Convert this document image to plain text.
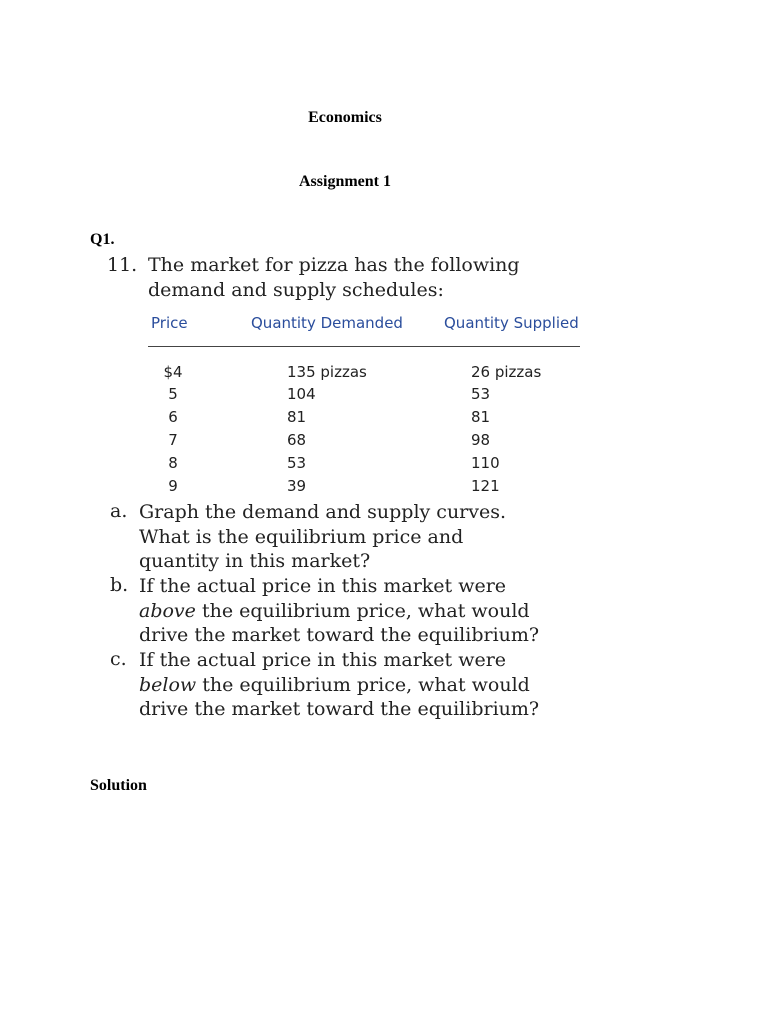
Economics
Assignment 1
Q1.
11. The market for pizza has the following demand and supply schedules:
Price	Quantity Demanded	Quantity Supplied
$4	135 pizzas	26 pizzas
5	104	53
6	81	81
7	68	98
8	53	110
9	39	121
a. Graph the demand and supply curves. What is the equilibrium price and quantity in this market?
b. If the actual price in this market were above the equilibrium price, what would drive the market toward the equilibrium?
c. If the actual price in this market were below the equilibrium price, what would drive the market toward the equilibrium?
Solution
